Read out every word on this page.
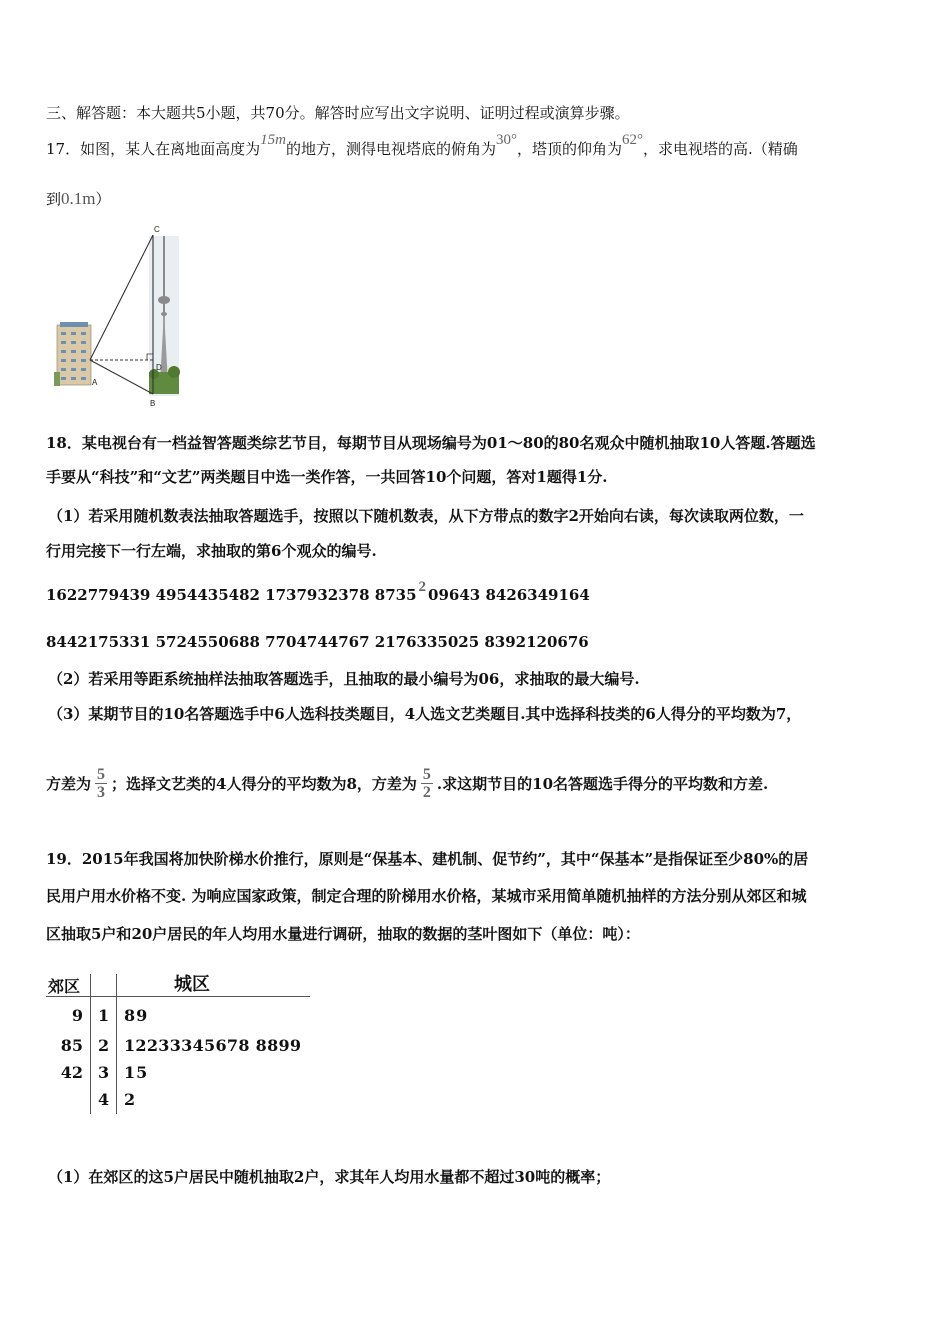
三、解答题：本大题共5小题，共70分。解答时应写出文字说明、证明过程或演算步骤。
17．如图，某人在离地面高度为15m的地方，测得电视塔底的俯角为30°，塔顶的仰角为62°，求电视塔的高.（精确
到0.1m）
C
A
D
B
18．某电视台有一档益智答题类综艺节目，每期节目从现场编号为01～80的80名观众中随机抽取10人答题.答题选
手要从“科技”和“文艺”两类题目中选一类作答，一共回答10个问题，答对1题得1分.
（1）若采用随机数表法抽取答题选手，按照以下随机数表，从下方带点的数字2开始向右读，每次读取两位数，一
行用完接下一行左端，求抽取的第6个观众的编号.
1622779439 4954435482 1737932378 8735 2 09643 8426349164
8442175331 5724550688 7704744767 2176335025 8392120676
（2）若采用等距系统抽样法抽取答题选手，且抽取的最小编号为06，求抽取的最大编号.
（3）某期节目的10名答题选手中6人选科技类题目，4人选文艺类题目.其中选择科技类的6人得分的平均数为7，
方差为 $\frac{5}{3}$ ；选择文艺类的4人得分的平均数为8，方差为 $\frac{5}{2}$ .求这期节目的10名答题选手得分的平均数和方差.
19．2015年我国将加快阶梯水价推行，原则是“保基本、建机制、促节约”，其中“保基本”是指保证至少80%的居
民用户用水价格不变. 为响应国家政策，制定合理的阶梯用水价格，某城市采用简单随机抽样的方法分别从郊区和城
区抽取5户和20户居民的年人均用水量进行调研，抽取的数据的茎叶图如下（单位：吨）：
郊区	城区
9 1 89
85 2 12233345678 8899
42 3 15
4 2
（1）在郊区的这5户居民中随机抽取2户，求其年人均用水量都不超过30吨的概率；
